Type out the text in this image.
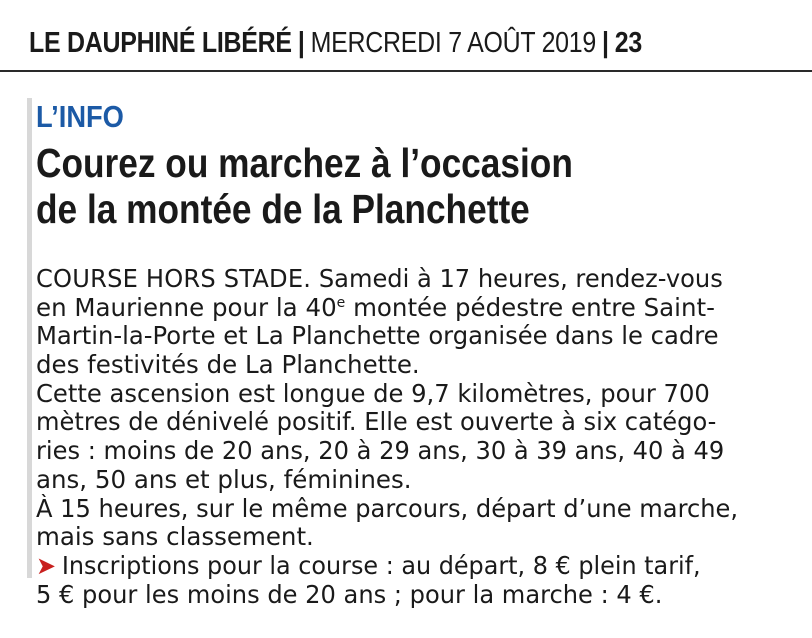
LE DAUPHINÉ LIBÉRÉ | MERCREDI 7 AOÛT 2019 | 23
L’INFO
Courez ou marchez à l’occasion
de la montée de la Planchette
COURSE HORS STADE. Samedi à 17 heures, rendez-vous
en Maurienne pour la 40e montée pédestre entre Saint-
Martin-la-Porte et La Planchette organisée dans le cadre
des festivités de La Planchette.
Cette ascension est longue de 9,7 kilomètres, pour 700
mètres de dénivelé positif. Elle est ouverte à six catégo-
ries : moins de 20 ans, 20 à 29 ans, 30 à 39 ans, 40 à 49
ans, 50 ans et plus, féminines.
À 15 heures, sur le même parcours, départ d’une marche,
mais sans classement.
➤ Inscriptions pour la course : au départ, 8 € plein tarif,
5 € pour les moins de 20 ans ; pour la marche : 4 €.
